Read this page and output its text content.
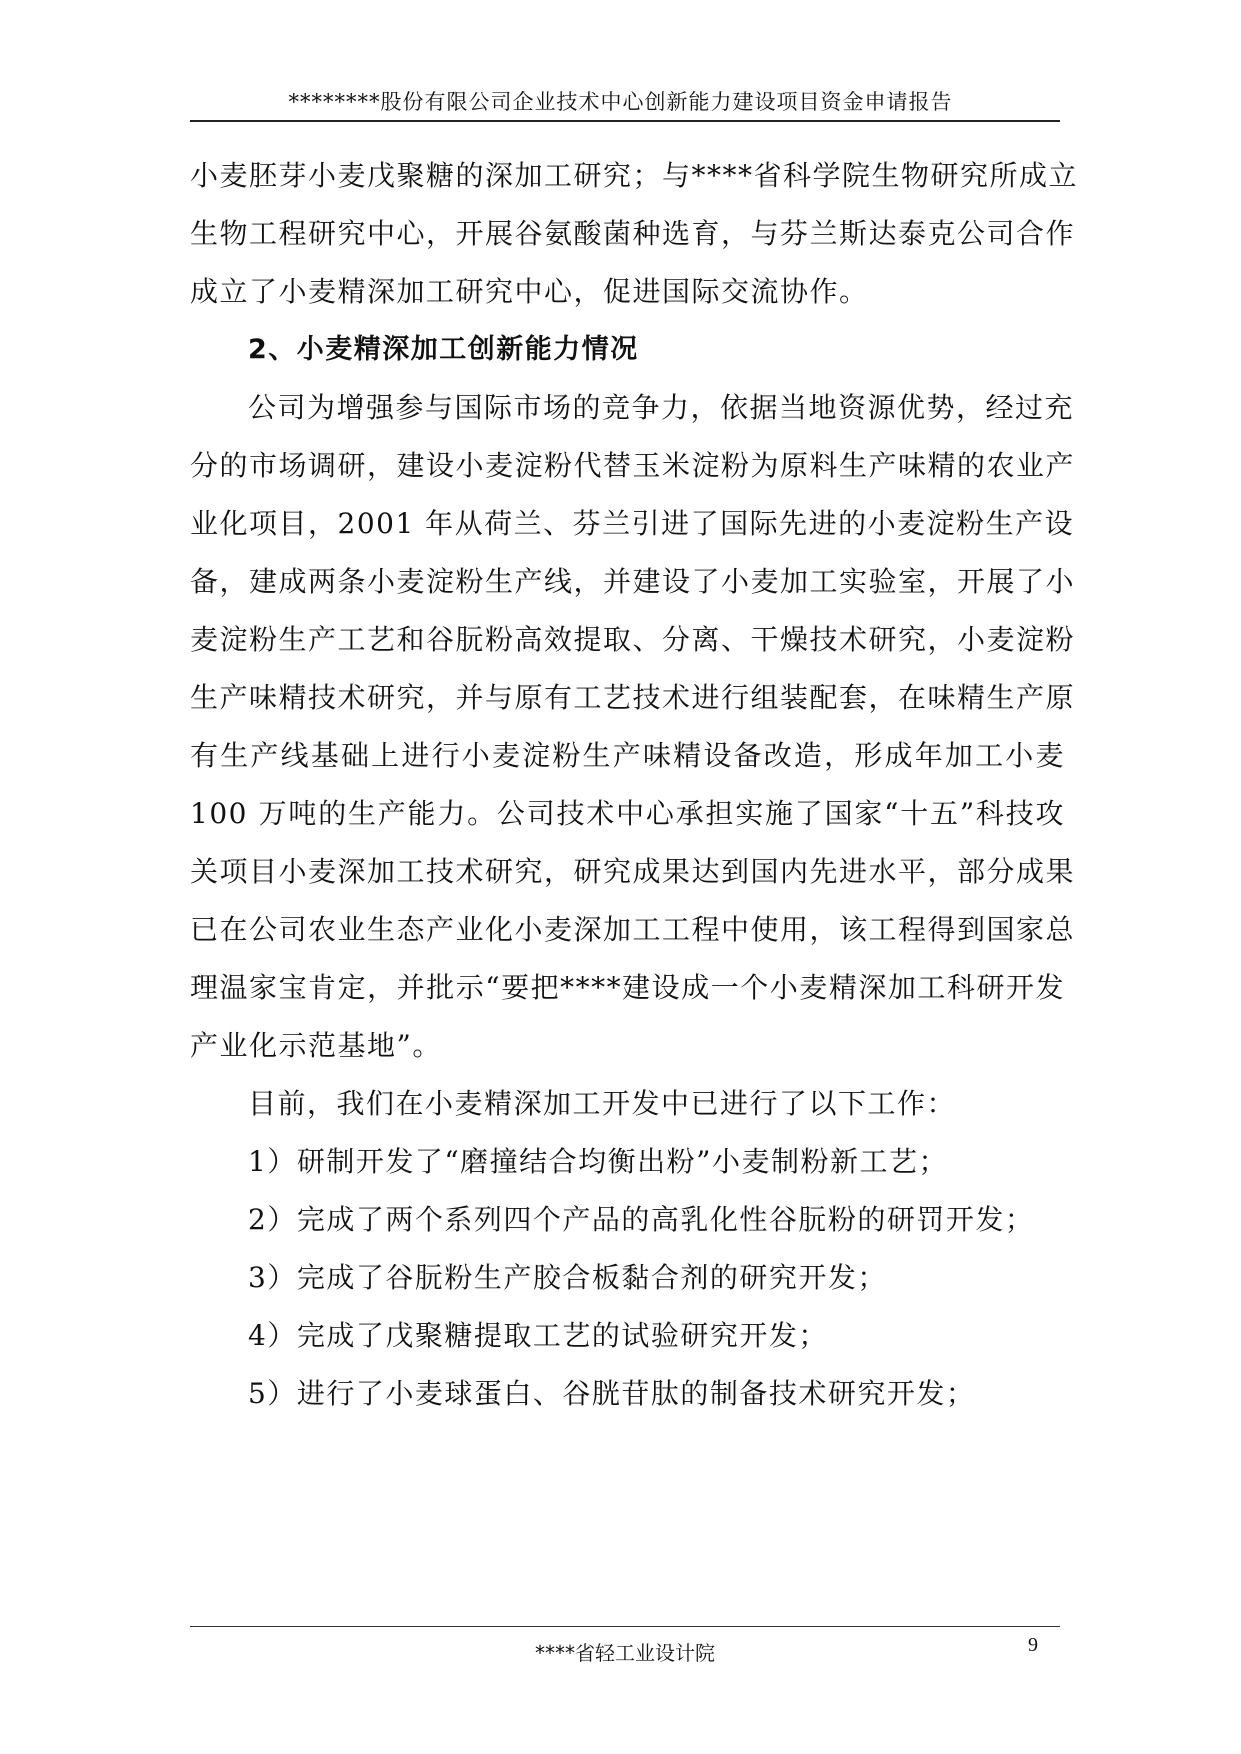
********股份有限公司企业技术中心创新能力建设项目资金申请报告
小麦胚芽小麦戊聚糖的深加工研究；与****省科学院生物研究所成立
生物工程研究中心，开展谷氨酸菌种选育，与芬兰斯达泰克公司合作
成立了小麦精深加工研究中心，促进国际交流协作。
2、小麦精深加工创新能力情况
公司为增强参与国际市场的竞争力，依据当地资源优势，经过充
分的市场调研，建设小麦淀粉代替玉米淀粉为原料生产味精的农业产
业化项目，2001 年从荷兰、芬兰引进了国际先进的小麦淀粉生产设
备，建成两条小麦淀粉生产线，并建设了小麦加工实验室，开展了小
麦淀粉生产工艺和谷朊粉高效提取、分离、干燥技术研究，小麦淀粉
生产味精技术研究，并与原有工艺技术进行组装配套，在味精生产原
有生产线基础上进行小麦淀粉生产味精设备改造，形成年加工小麦
100 万吨的生产能力。公司技术中心承担实施了国家“十五”科技攻
关项目小麦深加工技术研究，研究成果达到国内先进水平，部分成果
已在公司农业生态产业化小麦深加工工程中使用，该工程得到国家总
理温家宝肯定，并批示“要把****建设成一个小麦精深加工科研开发
产业化示范基地”。
目前，我们在小麦精深加工开发中已进行了以下工作：
1）研制开发了“磨撞结合均衡出粉”小麦制粉新工艺；
2）完成了两个系列四个产品的高乳化性谷朊粉的研罚开发；
3）完成了谷朊粉生产胶合板黏合剂的研究开发；
4）完成了戊聚糖提取工艺的试验研究开发；
5）进行了小麦球蛋白、谷胱苷肽的制备技术研究开发；
****省轻工业设计院	9
